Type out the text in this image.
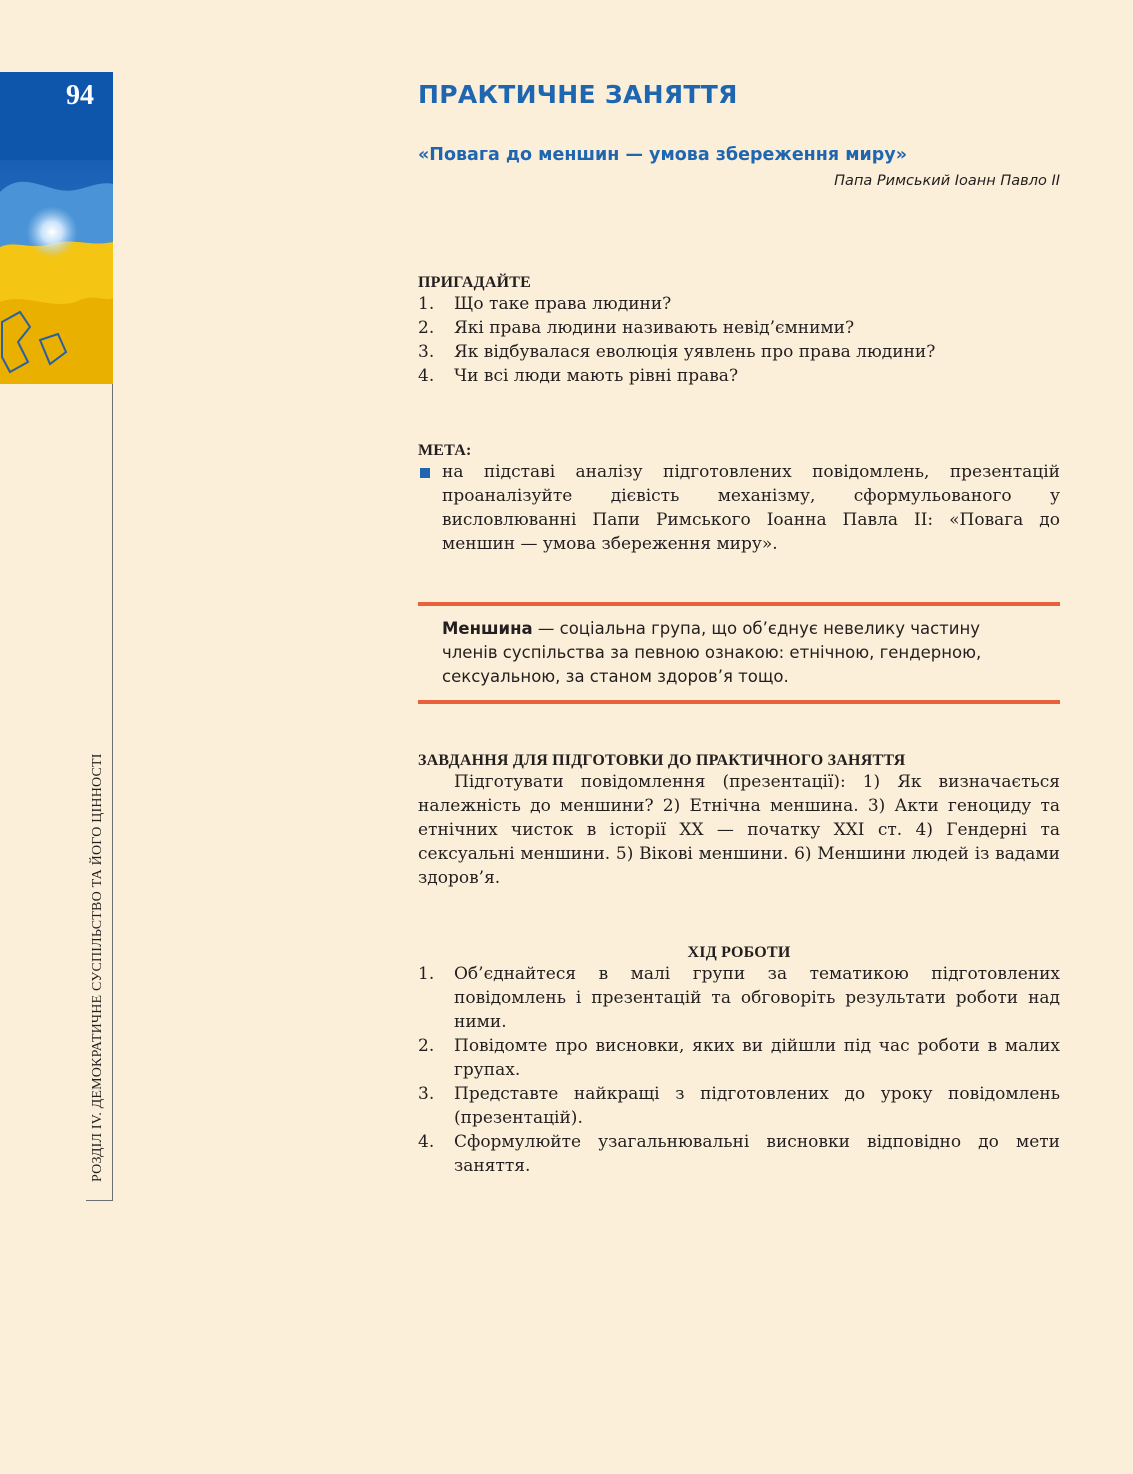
94
РОЗДІЛ IV. ДЕМОКРАТИЧНЕ СУСПІЛЬСТВО ТА ЙОГО ЦІННОСТІ
ПРАКТИЧНЕ ЗАНЯТТЯ
«Повага до меншин — умова збереження миру»
Папа Римський Іоанн Павло ІІ
ПРИГАДАЙТЕ
1. Що таке права людини?
2. Які права людини називають невід’ємними?
3. Як відбувалася еволюція уявлень про права людини?
4. Чи всі люди мають рівні права?
МЕТА:
на підставі аналізу підготовлених повідомлень, презентацій проаналізуйте дієвість механізму, сформульованого у висловлюванні Папи Римського Іоанна Павла ІІ: «Повага до меншин — умова збереження миру».
Меншина — соціальна група, що об’єднує невелику частину членів суспільства за певною ознакою: етнічною, гендерною, сексуальною, за станом здоров’я тощо.
ЗАВДАННЯ ДЛЯ ПІДГОТОВКИ ДО ПРАКТИЧНОГО ЗАНЯТТЯ
Підготувати повідомлення (презентації): 1) Як визначається належність до меншини? 2) Етнічна меншина. 3) Акти геноциду та етнічних чисток в історії ХХ — початку ХХІ ст. 4) Гендерні та сексуальні меншини. 5) Вікові меншини. 6) Меншини людей із вадами здоров’я.
ХІД РОБОТИ
1. Об’єднайтеся в малі групи за тематикою підготовлених повідомлень і презентацій та обговоріть результати роботи над ними.
2. Повідомте про висновки, яких ви дійшли під час роботи в малих групах.
3. Представте найкращі з підготовлених до уроку повідомлень (презентацій).
4. Сформулюйте узагальнювальні висновки відповідно до мети заняття.
